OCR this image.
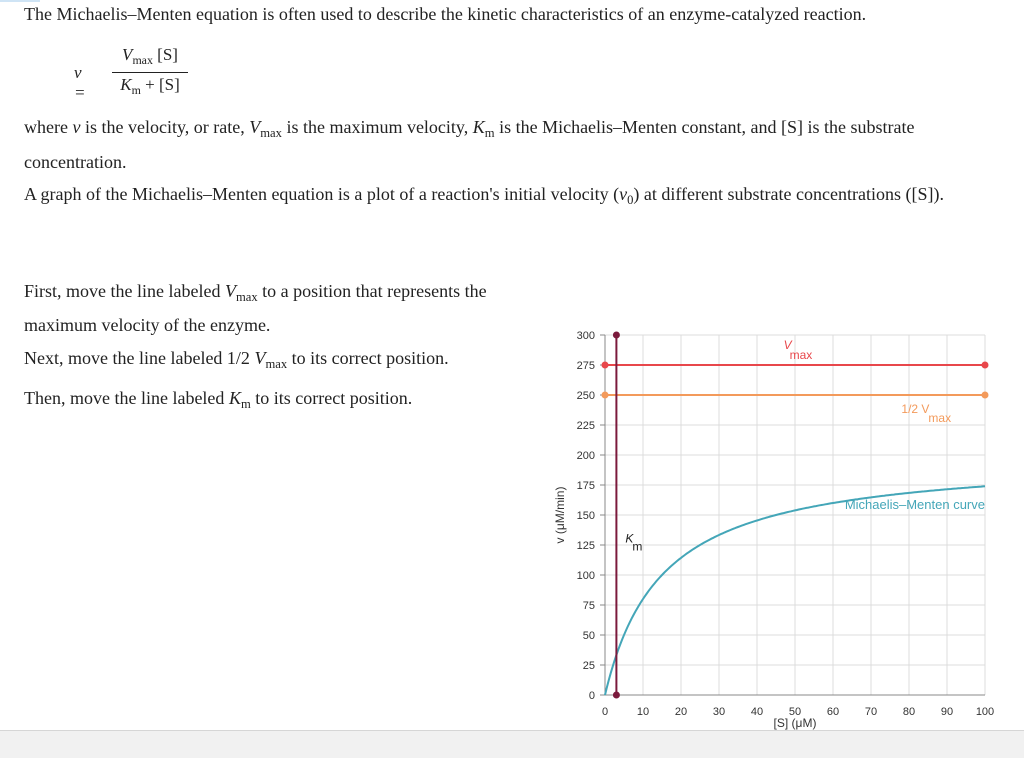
The Michaelis–Menten equation is often used to describe the kinetic characteristics of an enzyme-catalyzed reaction.
v =
$V_{max}$ [S]
$K_m + [S]$
where v is the velocity, or rate, $V_{max}$ is the maximum velocity, $K_m$ is the Michaelis–Menten constant, and [S] is the substrate concentration.
A graph of the Michaelis–Menten equation is a plot of a reaction's initial velocity $(v_0)$ at different substrate concentrations ([S]).
First, move the line labeled $V_{max}$ to a position that represents the maximum velocity of the enzyme.
Next, move the line labeled 1/2 $V_{max}$ to its correct position.
Then, move the line labeled $K_m$ to its correct position.
0	10 20 30 40 50 60 70 80 90 100
0
25
50
75
100
125
150
175
200
225
250
275
300
[S] (μM)
v (μM/min)	Michaelis–Menten curve
V max
1/2 Vmax
Km
